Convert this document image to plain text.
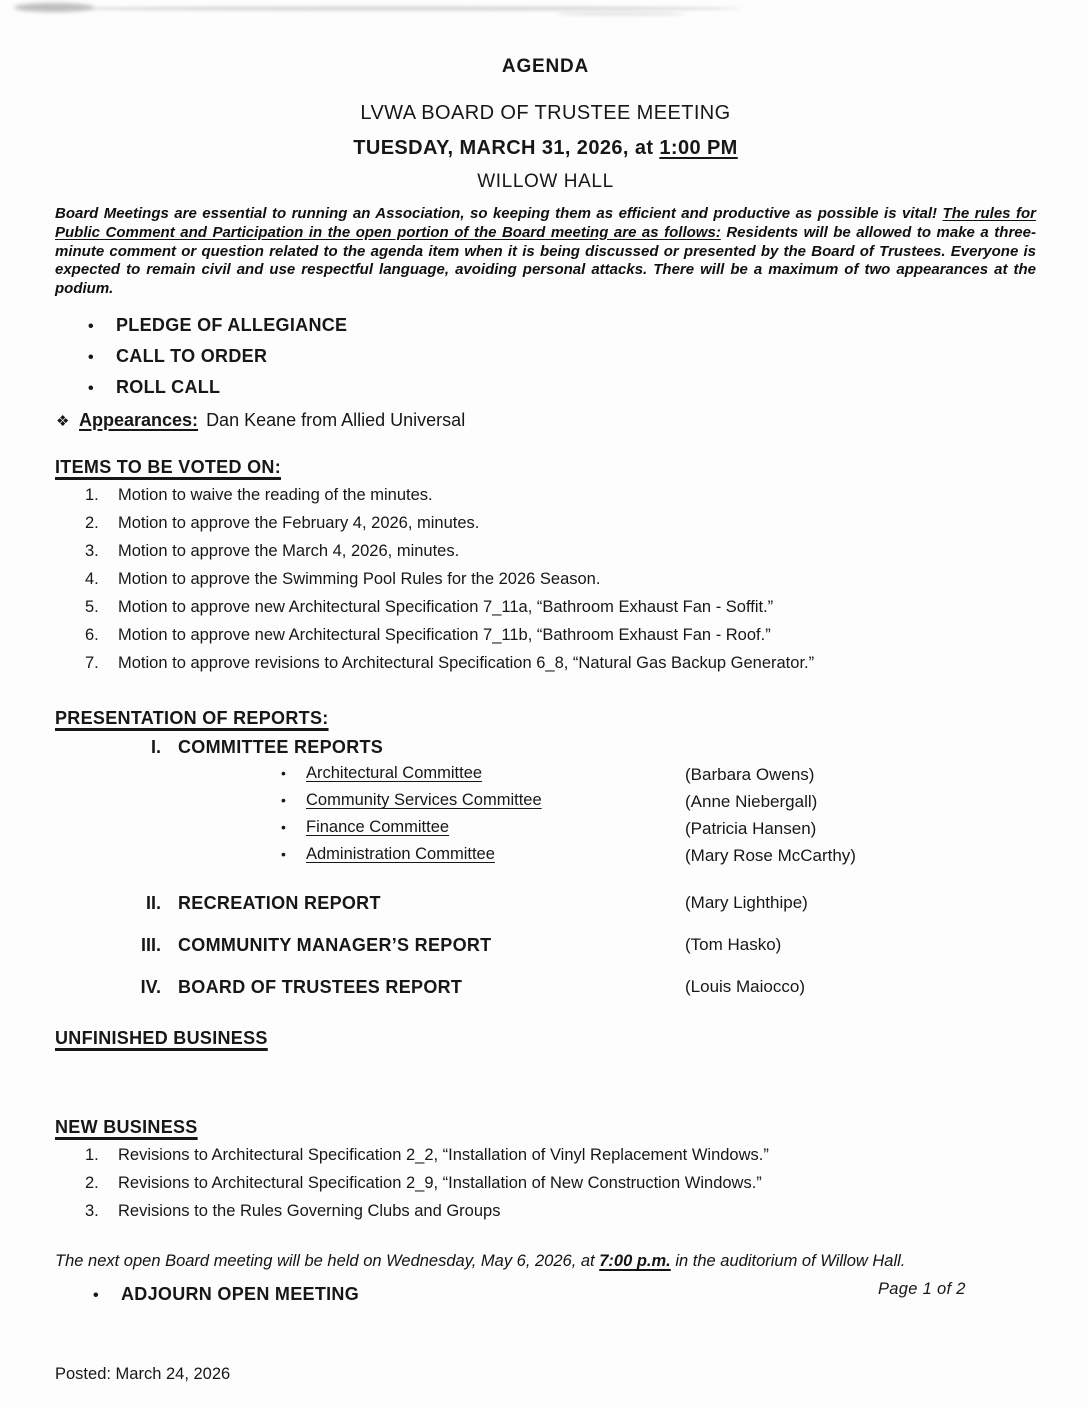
AGENDA
LVWA BOARD OF TRUSTEE MEETING
TUESDAY, MARCH 31, 2026, at 1:00 PM
WILLOW HALL

Board Meetings are essential to running an Association, so keeping them as efficient and productive as possible is vital! The rules for Public Comment and Participation in the open portion of the Board meeting are as follows: Residents will be allowed to make a three-minute comment or question related to the agenda item when it is being discussed or presented by the Board of Trustees. Everyone is expected to remain civil and use respectful language, avoiding personal attacks. There will be a maximum of two appearances at the podium.

•	PLEDGE OF ALLEGIANCE
•	CALL TO ORDER
•	ROLL CALL
❖ Appearances: Dan Keane from Allied Universal
ITEMS TO BE VOTED ON:
1.	Motion to waive the reading of the minutes.
2.	Motion to approve the February 4, 2026, minutes.
3.	Motion to approve the March 4, 2026, minutes.
4.	Motion to approve the Swimming Pool Rules for the 2026 Season.
5.	Motion to approve new Architectural Specification 7_11a, “Bathroom Exhaust Fan - Soffit.”
6.	Motion to approve new Architectural Specification 7_11b, “Bathroom Exhaust Fan - Roof.”
7.	Motion to approve revisions to Architectural Specification 6_8, “Natural Gas Backup Generator.”
PRESENTATION OF REPORTS:
I. COMMITTEE REPORTS
•	Architectural Committee	(Barbara Owens)
•	Community Services Committee	(Anne Niebergall)
•	Finance Committee	(Patricia Hansen)
•	Administration Committee	(Mary Rose McCarthy)
II. RECREATION REPORT	(Mary Lighthipe)
III. COMMUNITY MANAGER’S REPORT	(Tom Hasko)
IV. BOARD OF TRUSTEES REPORT	(Louis Maiocco)
UNFINISHED BUSINESS
NEW BUSINESS
1.	Revisions to Architectural Specification 2_2, “Installation of Vinyl Replacement Windows.”
2.	Revisions to Architectural Specification 2_9, “Installation of New Construction Windows.”
3.	Revisions to the Rules Governing Clubs and Groups

The next open Board meeting will be held on Wednesday, May 6, 2026, at 7:00 p.m. in the auditorium of Willow Hall.

•	ADJOURN OPEN MEETING	Page 1 of 2
Posted: March 24, 2026
